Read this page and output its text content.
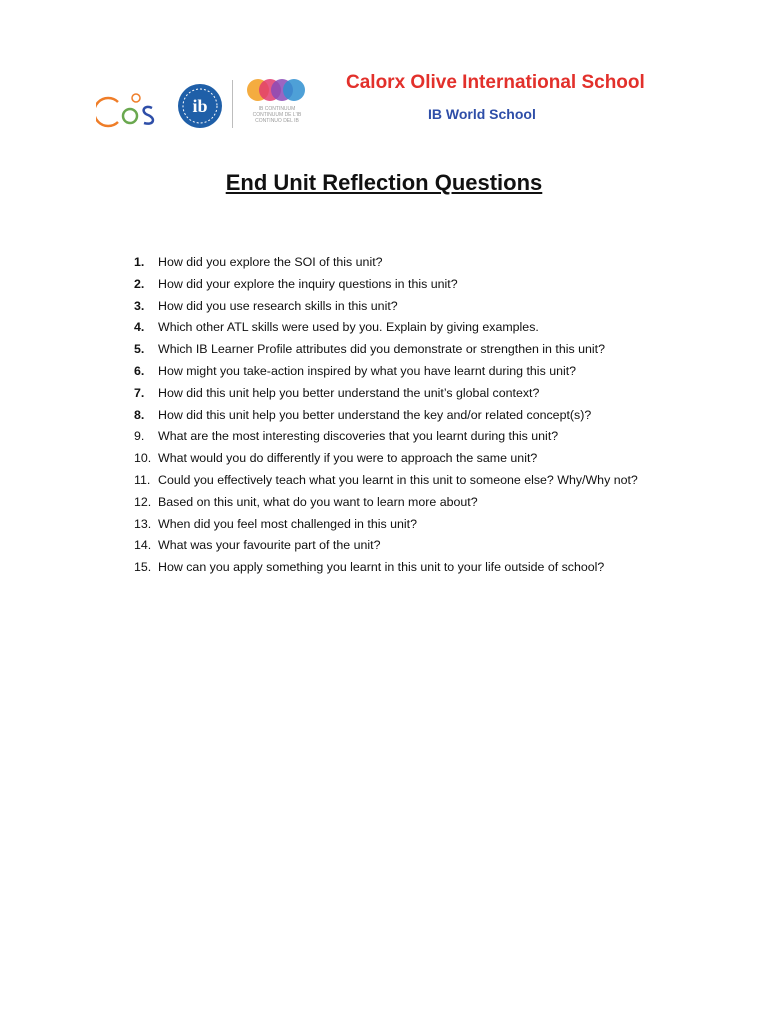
ib	IB CONTINUUM
CONTINUUM DE L'IB
CONTINUO DEL IB
Calorx Olive International School
IB World School
End Unit Reflection Questions
1.	How did you explore the SOI of this unit?
2.	How did your explore the inquiry questions in this unit?
3.	How did you use research skills in this unit?
4.	Which other ATL skills were used by you. Explain by giving examples.
5.	Which IB Learner Profile attributes did you demonstrate or strengthen in this unit?
6.	How might you take-action inspired by what you have learnt during this unit?
7.	How did this unit help you better understand the unit’s global context?
8.	How did this unit help you better understand the key and/or related concept(s)?
9.	What are the most interesting discoveries that you learnt during this unit?
10. What would you do differently if you were to approach the same unit?
11. Could you effectively teach what you learnt in this unit to someone else? Why/Why not?
12. Based on this unit, what do you want to learn more about?
13. When did you feel most challenged in this unit?
14. What was your favourite part of the unit?
15. How can you apply something you learnt in this unit to your life outside of school?
